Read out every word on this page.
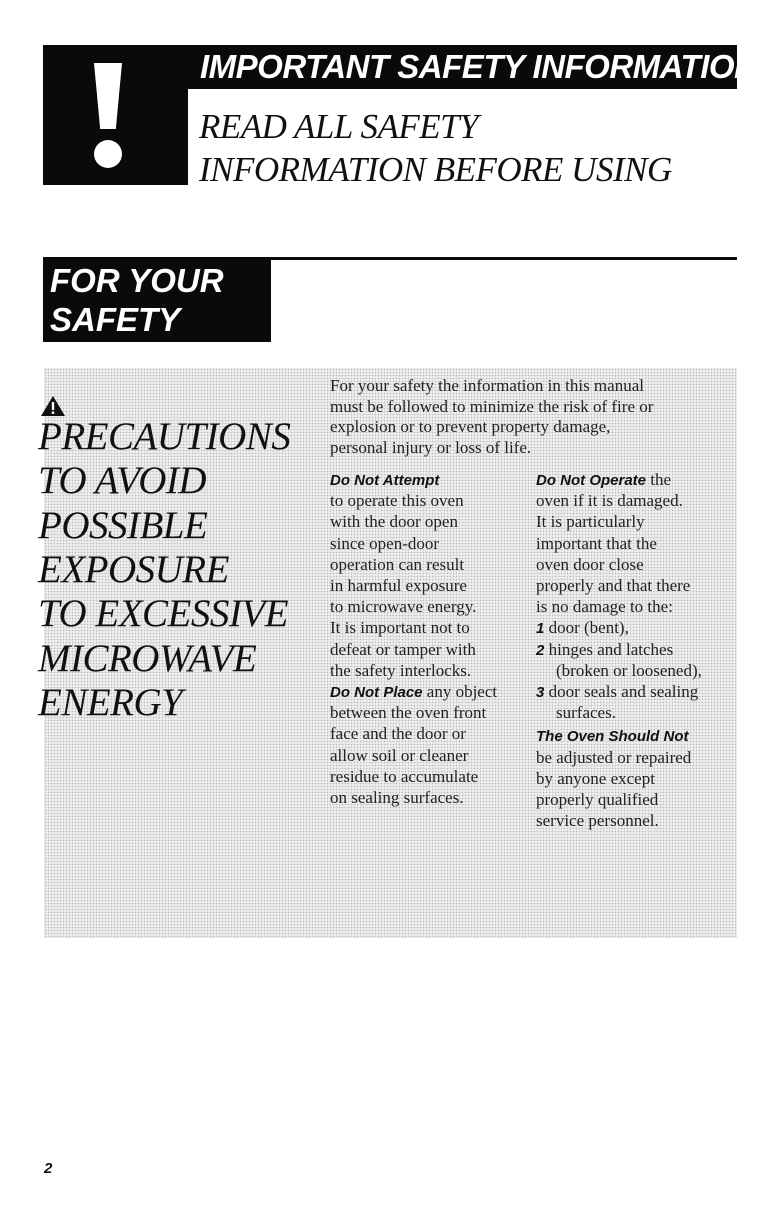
IMPORTANT SAFETY INFORMATION
READ ALL SAFETY
INFORMATION BEFORE USING
FOR YOUR
SAFETY
2
PRECAUTIONS
TO AVOID
POSSIBLE
EXPOSURE
TO EXCESSIVE
MICROWAVE
ENERGY
For your safety the information in this manual
must be followed to minimize the risk of fire or
explosion or to prevent property damage,
personal injury or loss of life.
Do Not Attempt
to operate this oven
with the door open
since open-door
operation can result
in harmful exposure
to microwave energy.
It is important not to
defeat or tamper with
the safety interlocks.
Do Not Place any object
between the oven front
face and the door or
allow soil or cleaner
residue to accumulate
on sealing surfaces.
Do Not Operate the
oven if it is damaged.
It is particularly
important that the
oven door close
properly and that there
is no damage to the:
1 door (bent),
2 hinges and latches
(broken or loosened),
3 door seals and sealing
surfaces.
The Oven Should Not
be adjusted or repaired
by anyone except
properly qualified
service personnel.
